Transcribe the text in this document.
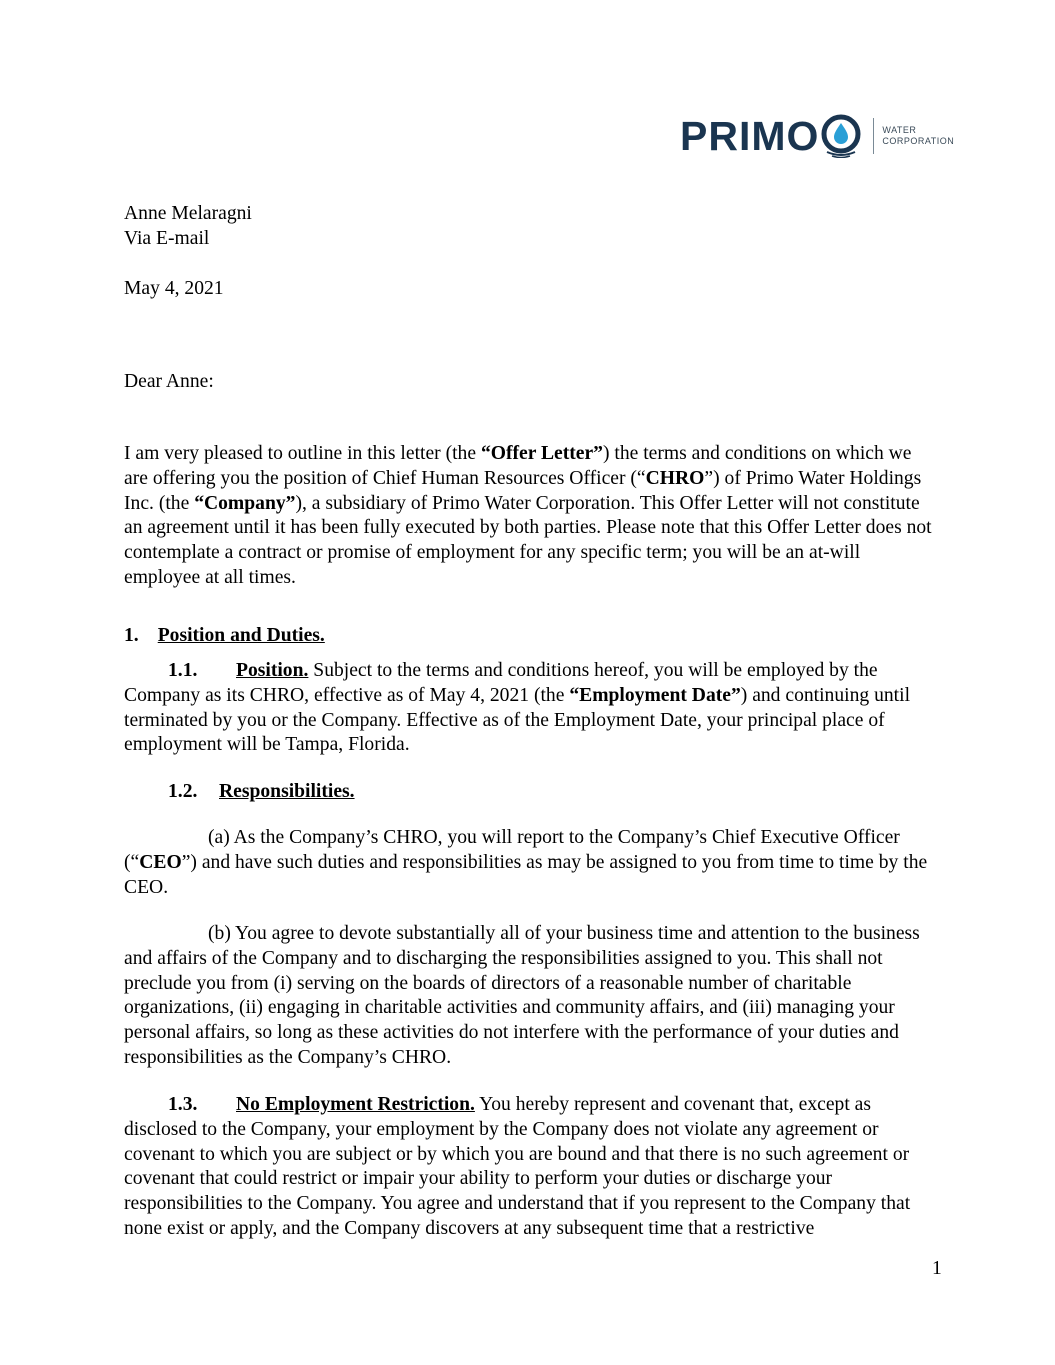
PRIMO	WATER
CORPORATION
Anne Melaragni
Via E-mail
May 4, 2021
Dear Anne:
I am very pleased to outline in this letter (the “Offer Letter”) the terms and conditions on which we are offering you the position of Chief Human Resources Officer (“CHRO”) of Primo Water Holdings Inc. (the “Company”), a subsidiary of Primo Water Corporation. This Offer Letter will not constitute an agreement until it has been fully executed by both parties. Please note that this Offer Letter does not contemplate a contract or promise of employment for any specific term; you will be an at-will employee at all times.
1. Position and Duties.
1.1. Position. Subject to the terms and conditions hereof, you will be employed by the Company as its CHRO, effective as of May 4, 2021 (the “Employment Date”) and continuing until terminated by you or the Company. Effective as of the Employment Date, your principal place of employment will be Tampa, Florida.
1.2. Responsibilities.
(a) As the Company’s CHRO, you will report to the Company’s Chief Executive Officer (“CEO”) and have such duties and responsibilities as may be assigned to you from time to time by the CEO.
(b) You agree to devote substantially all of your business time and attention to the business and affairs of the Company and to discharging the responsibilities assigned to you. This shall not preclude you from (i) serving on the boards of directors of a reasonable number of charitable organizations, (ii) engaging in charitable activities and community affairs, and (iii) managing your personal affairs, so long as these activities do not interfere with the performance of your duties and responsibilities as the Company’s CHRO.
1.3. No Employment Restriction. You hereby represent and covenant that, except as disclosed to the Company, your employment by the Company does not violate any agreement or covenant to which you are subject or by which you are bound and that there is no such agreement or covenant that could restrict or impair your ability to perform your duties or discharge your responsibilities to the Company. You agree and understand that if you represent to the Company that none exist or apply, and the Company discovers at any subsequent time that a restrictive
1
